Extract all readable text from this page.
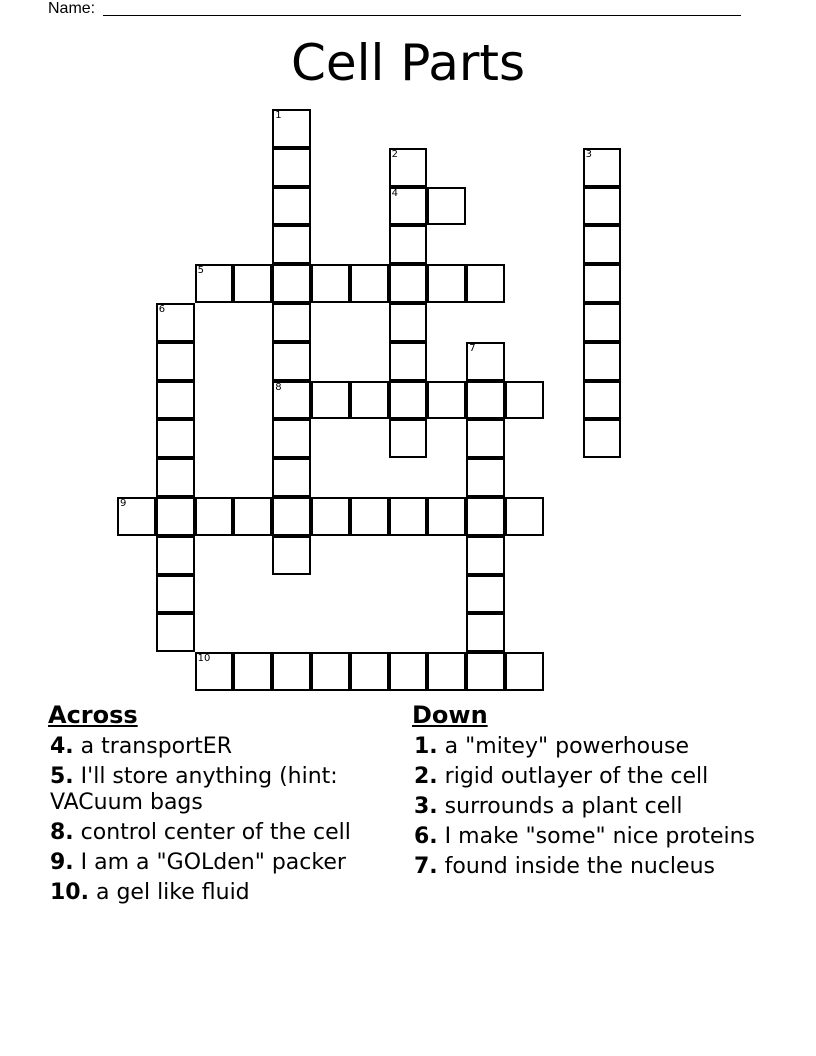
Name:
Cell Parts
1
8
2
4
3
5
6
7
9
10
Across
4. a transportER
5. I'll store anything (hint: VACuum bags
8. control center of the cell
9. I am a "GOLden" packer
10. a gel like fluid
Down
1. a "mitey" powerhouse
2. rigid outlayer of the cell
3. surrounds a plant cell
6. I make "some" nice proteins
7. found inside the nucleus
